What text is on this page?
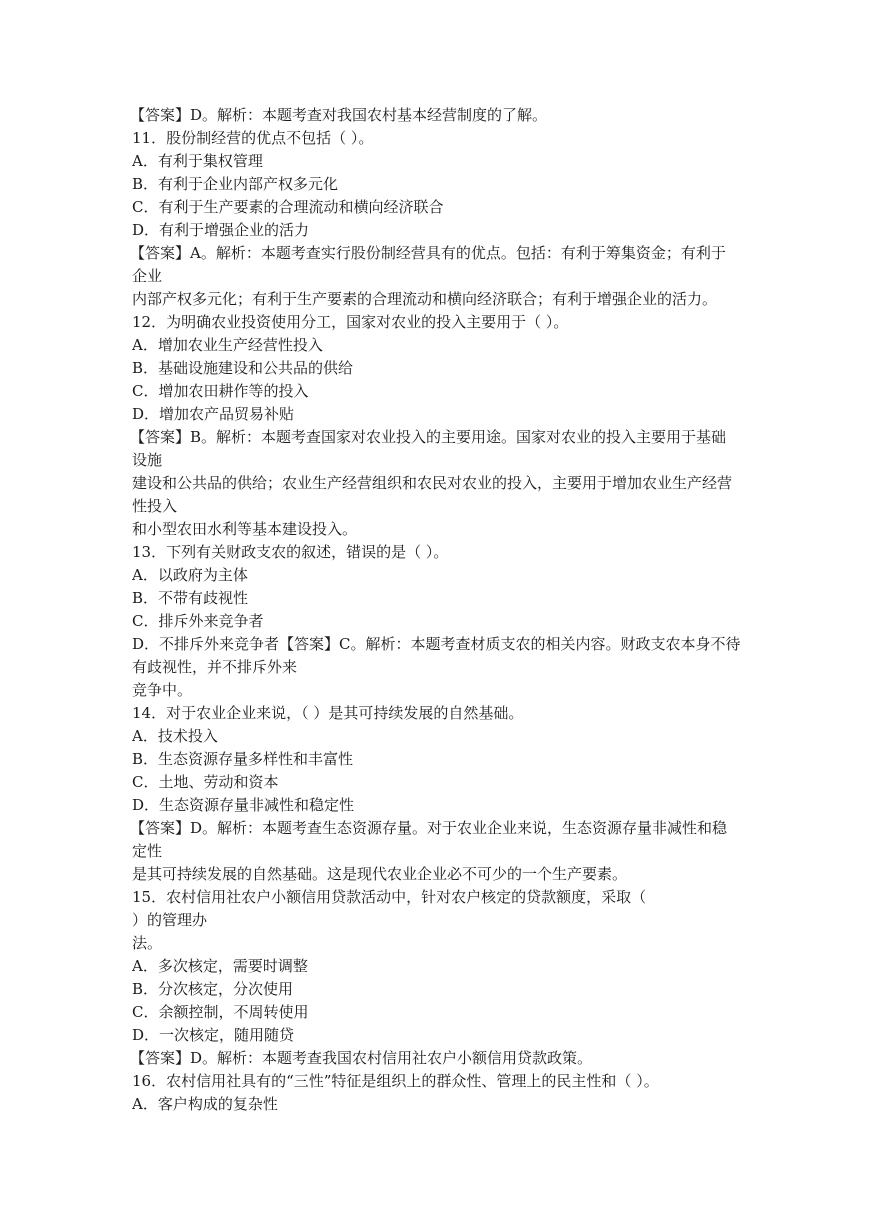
【答案】D。解析：本题考查对我国农村基本经营制度的了解。
11．股份制经营的优点不包括（ ）。
A．有利于集权管理
B．有利于企业内部产权多元化
C．有利于生产要素的合理流动和横向经济联合
D．有利于增强企业的活力
【答案】A。解析：本题考查实行股份制经营具有的优点。包括：有利于筹集资金；有利于
企业
内部产权多元化；有利于生产要素的合理流动和横向经济联合；有利于增强企业的活力。
12．为明确农业投资使用分工，国家对农业的投入主要用于（ ）。
A．增加农业生产经营性投入
B．基础设施建设和公共品的供给
C．增加农田耕作等的投入
D．增加农产品贸易补贴
【答案】B。解析：本题考查国家对农业投入的主要用途。国家对农业的投入主要用于基础
设施
建设和公共品的供给；农业生产经营组织和农民对农业的投入，主要用于增加农业生产经营
性投入
和小型农田水利等基本建设投入。
13．下列有关财政支农的叙述，错误的是（ ）。
A．以政府为主体
B．不带有歧视性
C．排斥外来竞争者
D．不排斥外来竞争者【答案】C。解析：本题考查材质支农的相关内容。财政支农本身不待
有歧视性，并不排斥外来
竞争中。
14．对于农业企业来说，（ ）是其可持续发展的自然基础。
A．技术投入
B．生态资源存量多样性和丰富性
C．土地、劳动和资本
D．生态资源存量非减性和稳定性
【答案】D。解析：本题考查生态资源存量。对于农业企业来说，生态资源存量非减性和稳
定性
是其可持续发展的自然基础。这是现代农业企业必不可少的一个生产要素。
15．农村信用社农户小额信用贷款活动中，针对农户核定的贷款额度，采取（
）的管理办
法。
A．多次核定，需要时调整
B．分次核定，分次使用
C．余额控制，不周转使用
D．一次核定，随用随贷
【答案】D。解析：本题考查我国农村信用社农户小额信用贷款政策。
16．农村信用社具有的“三性”特征是组织上的群众性、管理上的民主性和（ ）。
A．客户构成的复杂性
